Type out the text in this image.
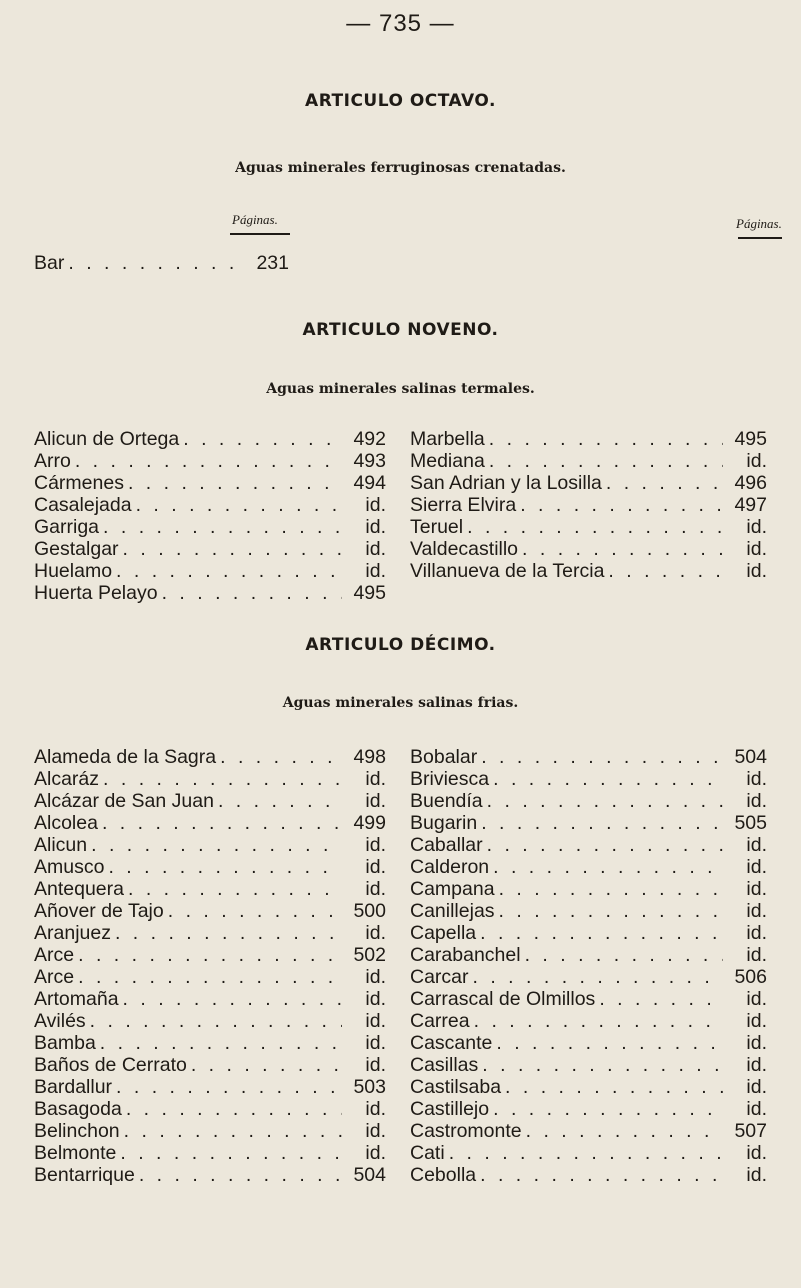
— 735 —
ARTICULO OCTAVO.
Aguas minerales ferruginosas crenatadas.
Páginas.	Páginas.
Bar . . .	231
ARTICULO NOVENO.
Aguas minerales salinas termales.
Alicun de Ortega . . .	492
Arro . . .	493
Cármenes . . .	494
Casalejada . . .	id.
Garriga . . .	id.
Gestalgar . . .	id.
Huelamo . . .	id.
Huerta Pelayo . . .	495
Marbella . . .	495
Mediana . . .	id.
San Adrian y la Losilla . . .	496
Sierra Elvira . . .	497
Teruel . . .	id.
Valdecastillo . . .	id.
Villanueva de la Tercia . . .	id.
ARTICULO DÉCIMO.
Aguas minerales salinas frias.
Alameda de la Sagra . . .	498
Alcaráz . . .	id.
Alcázar de San Juan . . .	id.
Alcolea . . .	499
Alicun . . .	id.
Amusco . . .	id.
Antequera . . .	id.
Añover de Tajo . . .	500
Aranjuez . . .	id.
Arce . . .	502
Arce . . .	id.
Artomaña . . .	id.
Avilés . . .	id.
Bamba . . .	id.
Baños de Cerrato . . .	id.
Bardallur . . .	503
Basagoda . . .	id.
Belinchon . . .	id.
Belmonte . . .	id.
Bentarrique . . .	504
Bobalar . . .	504
Briviesca . . .	id.
Buendía . . .	id.
Bugarin . . .	505
Caballar . . .	id.
Calderon . . .	id.
Campana . . .	id.
Canillejas . . .	id.
Capella . . .	id.
Carabanchel . . .	id.
Carcar . . .	506
Carrascal de Olmillos . . .	id.
Carrea . . .	id.
Cascante . . .	id.
Casillas . . .	id.
Castilsaba . . .	id.
Castillejo . . .	id.
Castromonte . . .	507
Cati . . .	id.
Cebolla . . .	id.
